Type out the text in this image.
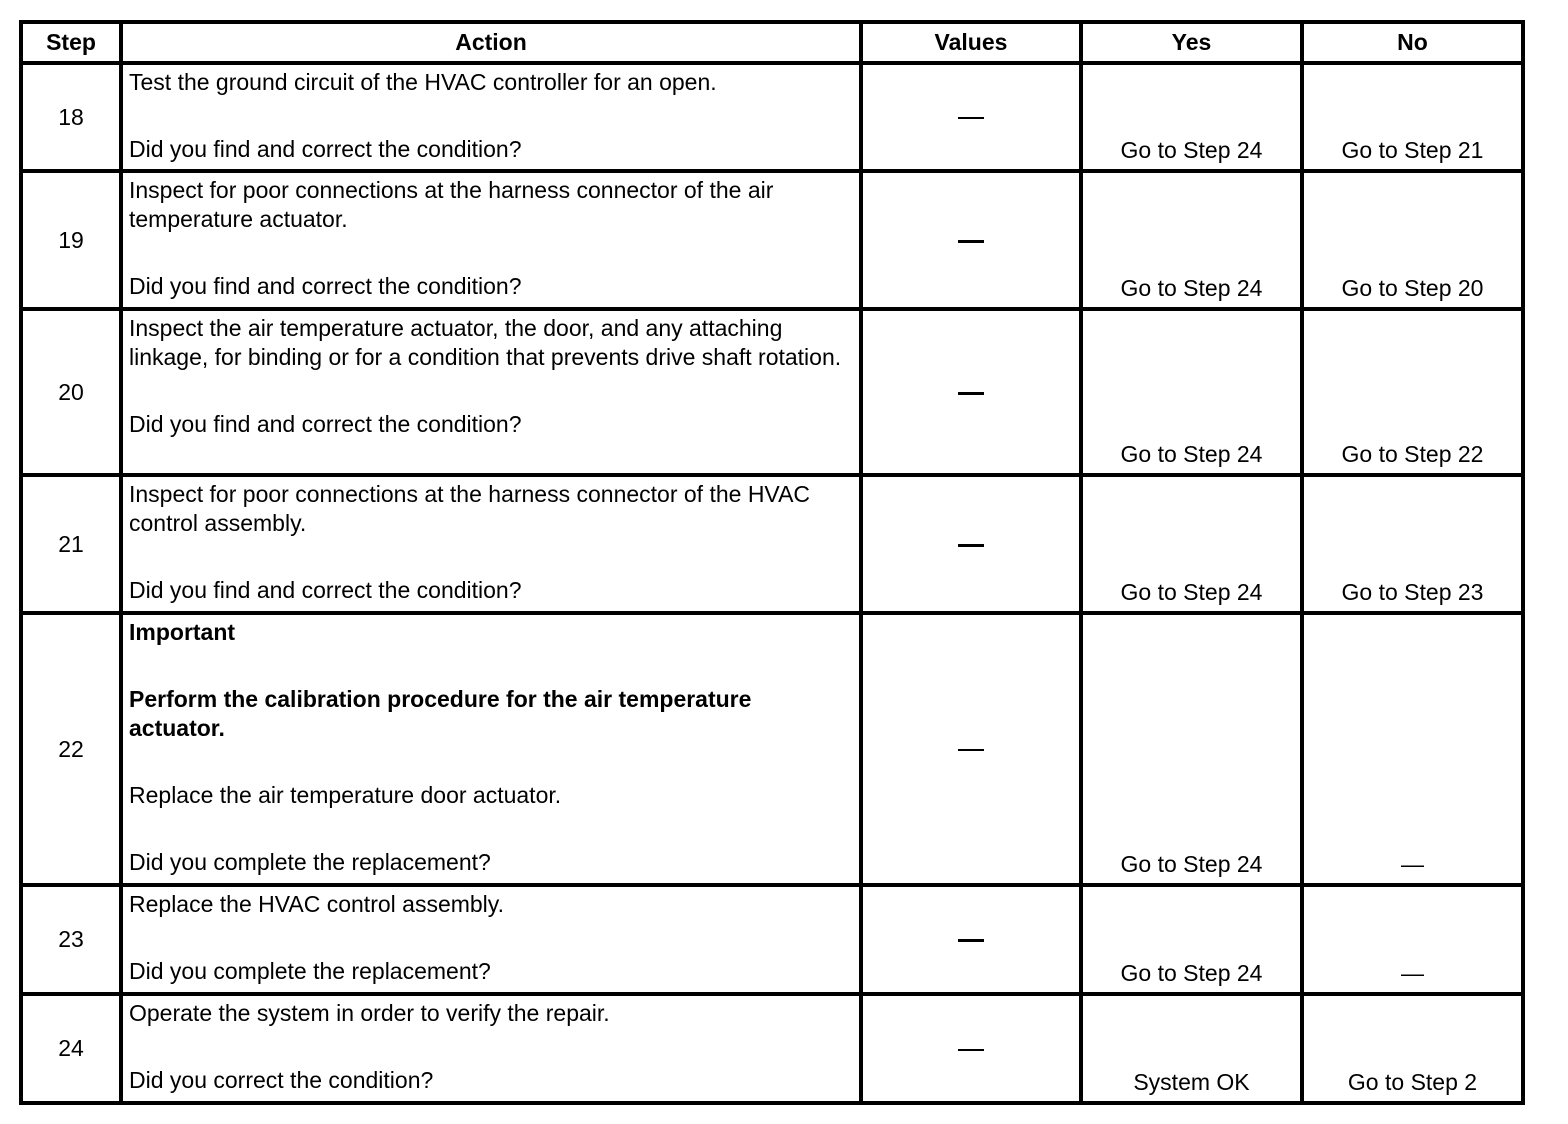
Step	Action	Values	Yes	No
18	Test the ground circuit of the HVAC controller for an open.
Did you find and correct the condition?		Go to Step 24	Go to Step 21

19	Inspect for poor connections at the harness connector of the air temperature actuator.
Did you find and correct the condition?		Go to Step 24	Go to Step 20

20	Inspect the air temperature actuator, the door, and any attaching linkage, for binding or for a condition that prevents drive shaft rotation.
Did you find and correct the condition?		Go to Step 24	Go to Step 22

21	Inspect for poor connections at the harness connector of the HVAC control assembly.
Did you find and correct the condition?		Go to Step 24	Go to Step 23

22	Important
Perform the calibration procedure for the air temperature actuator.
Replace the air temperature door actuator.
Did you complete the replacement?		Go to Step 24	—

23	Replace the HVAC control assembly.
Did you complete the replacement?		Go to Step 24	—

24	Operate the system in order to verify the repair.
Did you correct the condition?		System OK	Go to Step 2
